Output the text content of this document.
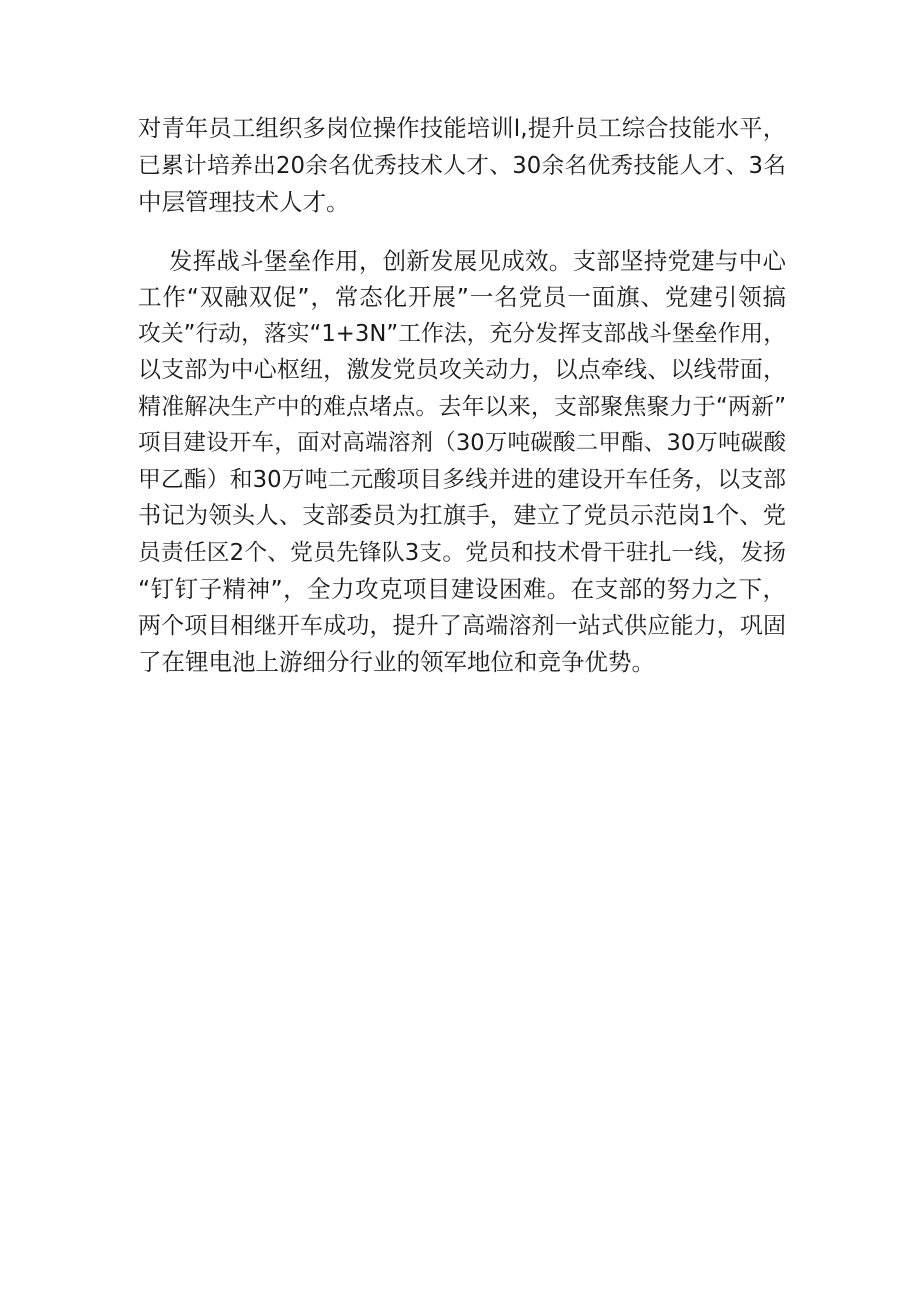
对青年员工组织多岗位操作技能培训l,提升员工综合技能水平，
已累计培养出20余名优秀技术人才、30余名优秀技能人才、3名
中层管理技术人才。
发挥战斗堡垒作用，创新发展见成效。支部坚持党建与中心
工作“双融双促”，常态化开展”一名党员一面旗、党建引领搞
攻关”行动，落实“1+3N”工作法，充分发挥支部战斗堡垒作用，
以支部为中心枢纽，激发党员攻关动力，以点牵线、以线带面，
精准解决生产中的难点堵点。去年以来，支部聚焦聚力于“两新”
项目建设开车，面对高端溶剂（30万吨碳酸二甲酯、30万吨碳酸
甲乙酯）和30万吨二元酸项目多线并进的建设开车任务，以支部
书记为领头人、支部委员为扛旗手，建立了党员示范岗1个、党
员责任区2个、党员先锋队3支。党员和技术骨干驻扎一线，发扬
“钉钉子精神”，全力攻克项目建设困难。在支部的努力之下，
两个项目相继开车成功，提升了高端溶剂一站式供应能力，巩固
了在锂电池上游细分行业的领军地位和竞争优势。
